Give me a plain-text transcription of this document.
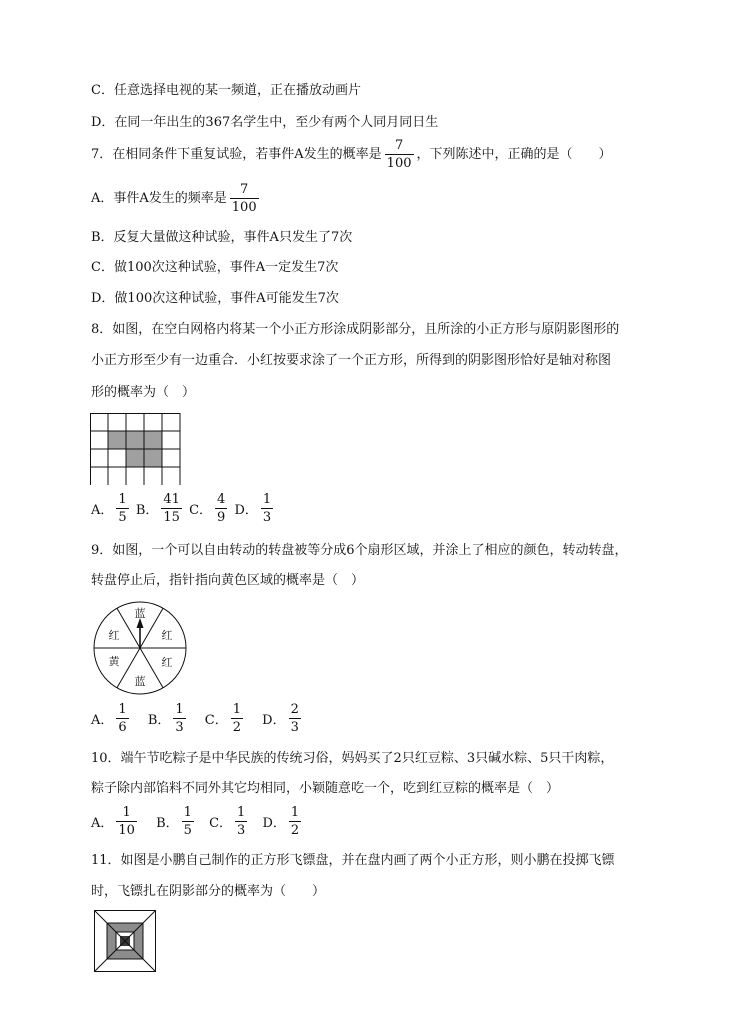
C．任意选择电视的某一频道，正在播放动画片
D．在同一年出生的367名学生中，至少有两个人同月同日生
7．在相同条件下重复试验，若事件A发生的概率是 $\frac{7}{100}$ ，下列陈述中，正确的是（　　）
A．事件A发生的频率是 $\frac{7}{100}$
B．反复大量做这种试验，事件A只发生了7次
C．做100次这种试验，事件A一定发生7次
D．做100次这种试验，事件A可能发生7次
8．如图，在空白网格内将某一个小正方形涂成阴影部分，且所涂的小正方形与原阴影图形的
小正方形至少有一边重合．小红按要求涂了一个正方形，所得到的阴影图形恰好是轴对称图
形的概率为（　）
A． $\frac{1}{5}$ B． $\frac{41}{15}$ C． $\frac{4}{9}$ D． $\frac{1}{3}$
9．如图，一个可以自由转动的转盘被等分成6个扇形区域，并涂上了相应的颜色，转动转盘，
转盘停止后，指针指向黄色区域的概率是（　）
蓝
红
红
蓝
黄
红
A． $\frac{1}{6}$ B． $\frac{1}{3}$ C． $\frac{1}{2}$ D． $\frac{2}{3}$
10．端午节吃粽子是中华民族的传统习俗，妈妈买了2只红豆粽、3只碱水粽、5只干肉粽，
粽子除内部馅料不同外其它均相同，小颖随意吃一个，吃到红豆粽的概率是（　）
A． $\frac{1}{10}$ B． $\frac{1}{5}$ C． $\frac{1}{3}$ D． $\frac{1}{2}$
11．如图是小鹏自己制作的正方形飞镖盘，并在盘内画了两个小正方形，则小鹏在投掷飞镖
时，飞镖扎在阴影部分的概率为（　　）
